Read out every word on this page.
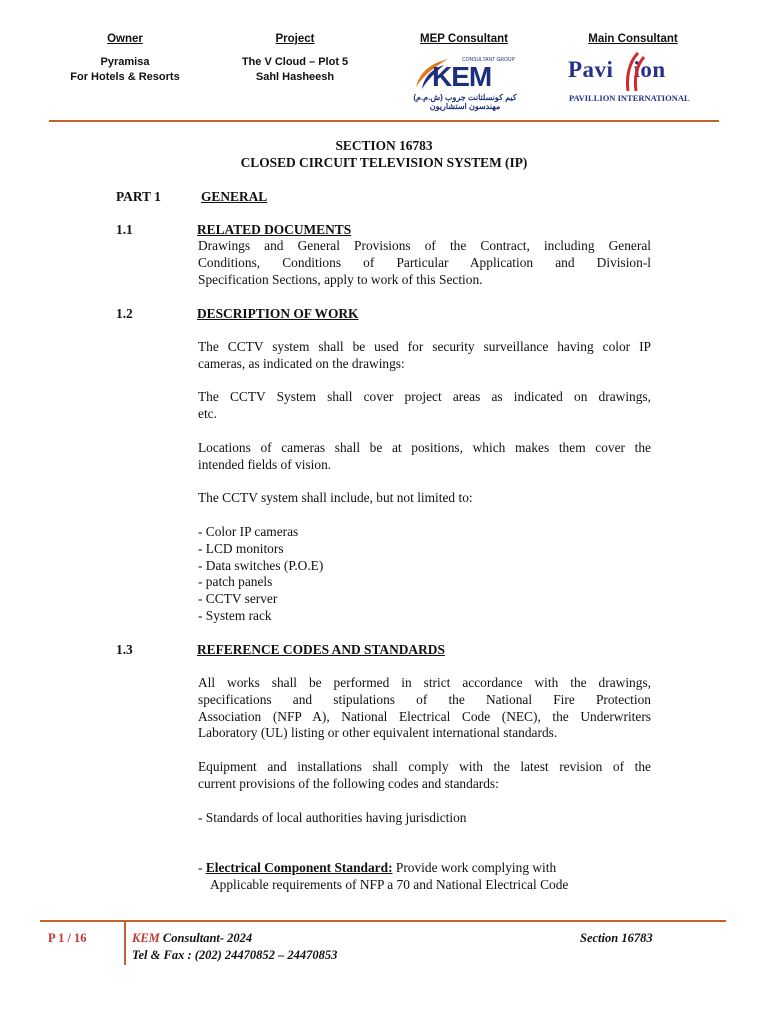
Owner
Pyramisa
For Hotels & Resorts
Project
The V Cloud – Plot 5
Sahl Hasheesh
MEP Consultant
KEM
CONSULTANT GROUP
كيم كونسلتانت جروب (ش.م.م) مهندسون استشاريون
Main Consultant
Pavi ion
PAVILLION INTERNATIONAL
SECTION 16783
CLOSED CIRCUIT TELEVISION SYSTEM (IP)
PART 1	GENERAL
1.1	RELATED DOCUMENTS
Drawings and General Provisions of the Contract, including General
Conditions, Conditions of Particular Application and Division-l
Specification Sections, apply to work of this Section.
1.2	DESCRIPTION OF WORK
The CCTV system shall be used for security surveillance having color IP
cameras, as indicated on the drawings:
The CCTV System shall cover project areas as indicated on drawings,
etc.
Locations of cameras shall be at positions, which makes them cover the
intended fields of vision.
The CCTV system shall include, but not limited to:
- Color IP cameras
- LCD monitors
- Data switches (P.O.E)
- patch panels
- CCTV server
- System rack
1.3	REFERENCE CODES AND STANDARDS
All works shall be performed in strict accordance with the drawings,
specifications and stipulations of the National Fire Protection
Association (NFP A), National Electrical Code (NEC), the Underwriters
Laboratory (UL) listing or other equivalent international standards.
Equipment and installations shall comply with the latest revision of the
current provisions of the following codes and standards:
- Standards of local authorities having jurisdiction
- Electrical Component Standard: Provide work complying with
Applicable requirements of NFP a 70 and National Electrical Code
P 1 / 16	KEM Consultant- 2024
Tel & Fax : (202) 24470852 – 24470853
Section 16783
